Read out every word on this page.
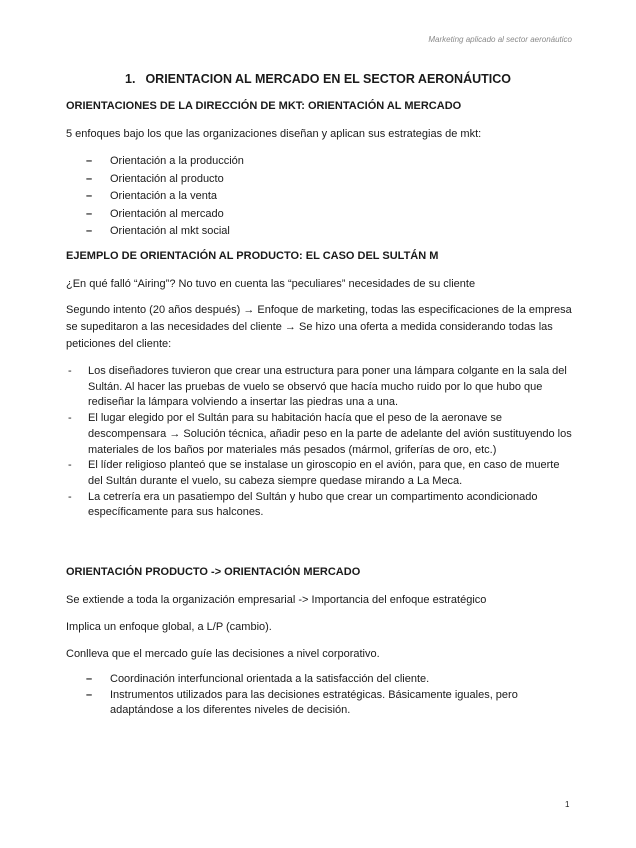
Marketing aplicado al sector aeronáutico
1. ORIENTACION AL MERCADO EN EL SECTOR AERONÁUTICO
ORIENTACIONES DE LA DIRECCIÓN DE MKT: ORIENTACIÓN AL MERCADO
5 enfoques bajo los que las organizaciones diseñan y aplican sus estrategias de mkt:
– Orientación a la producción
– Orientación al producto
– Orientación a la venta
– Orientación al mercado
– Orientación al mkt social
EJEMPLO DE ORIENTACIÓN AL PRODUCTO: EL CASO DEL SULTÁN M
¿En qué falló “Airing”? No tuvo en cuenta las “peculiares” necesidades de su cliente
Segundo intento (20 años después) → Enfoque de marketing, todas las especificaciones de la empresa se supeditaron a las necesidades del cliente → Se hizo una oferta a medida considerando todas las peticiones del cliente:
- Los diseñadores tuvieron que crear una estructura para poner una lámpara colgante en la sala del Sultán. Al hacer las pruebas de vuelo se observó que hacía mucho ruido por lo que hubo que rediseñar la lámpara volviendo a insertar las piedras una a una.
- El lugar elegido por el Sultán para su habitación hacía que el peso de la aeronave se descompensara → Solución técnica, añadir peso en la parte de adelante del avión sustituyendo los materiales de los baños por materiales más pesados (mármol, griferías de oro, etc.)
- El líder religioso planteó que se instalase un giroscopio en el avión, para que, en caso de muerte del Sultán durante el vuelo, su cabeza siempre quedase mirando a La Meca.
- La cetrería era un pasatiempo del Sultán y hubo que crear un compartimento acondicionado específicamente para sus halcones.
ORIENTACIÓN PRODUCTO -> ORIENTACIÓN MERCADO
Se extiende a toda la organización empresarial -> Importancia del enfoque estratégico
Implica un enfoque global, a L/P (cambio).
Conlleva que el mercado guíe las decisiones a nivel corporativo.
– Coordinación interfuncional orientada a la satisfacción del cliente.
– Instrumentos utilizados para las decisiones estratégicas. Básicamente iguales, pero adaptándose a los diferentes niveles de decisión.
1
